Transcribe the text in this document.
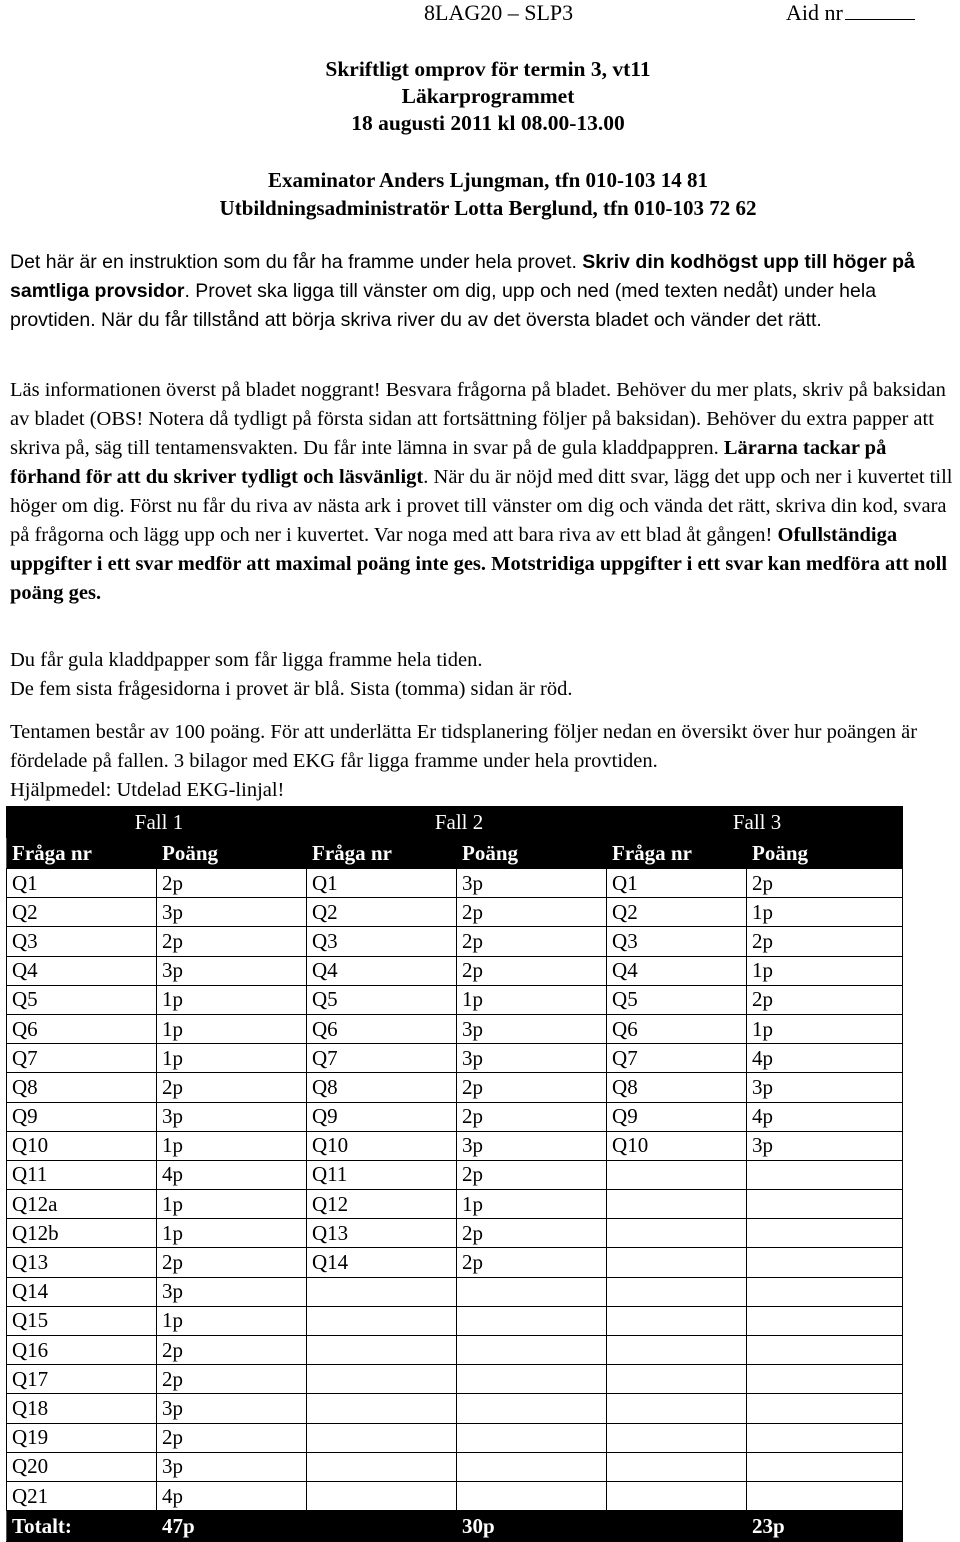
8LAG20 – SLP3	Aid nr
Skriftligt omprov för termin 3, vt11
Läkarprogrammet
18 augusti 2011 kl 08.00-13.00
Examinator Anders Ljungman, tfn 010-103 14 81
Utbildningsadministratör Lotta Berglund, tfn 010-103 72 62
Det här är en instruktion som du får ha framme under hela provet. Skriv din kodhögst upp till höger på samtliga provsidor. Provet ska ligga till vänster om dig, upp och ned (med texten nedåt) under hela provtiden. När du får tillstånd att börja skriva river du av det översta bladet och vänder det rätt.
Läs informationen överst på bladet noggrant! Besvara frågorna på bladet. Behöver du mer plats, skriv på baksidan av bladet (OBS! Notera då tydligt på första sidan att fortsättning följer på baksidan). Behöver du extra papper att skriva på, säg till tentamensvakten. Du får inte lämna in svar på de gula kladdpappren. Lärarna tackar på förhand för att du skriver tydligt och läsvänligt. När du är nöjd med ditt svar, lägg det upp och ner i kuvertet till höger om dig. Först nu får du riva av nästa ark i provet till vänster om dig och vända det rätt, skriva din kod, svara på frågorna och lägg upp och ner i kuvertet. Var noga med att bara riva av ett blad åt gången! Ofullständiga uppgifter i ett svar medför att maximal poäng inte ges. Motstridiga uppgifter i ett svar kan medföra att noll poäng ges.
Du får gula kladdpapper som får ligga framme hela tiden.
De fem sista frågesidorna i provet är blå. Sista (tomma) sidan är röd.
Tentamen består av 100 poäng. För att underlätta Er tidsplanering följer nedan en översikt över hur poängen är fördelade på fallen. 3 bilagor med EKG får ligga framme under hela provtiden.
Hjälpmedel: Utdelad EKG-linjal!
Fall 1		Fall 2		Fall 3	
Fråga nr	Poäng	Fråga nr	Poäng	Fråga nr	Poäng
Q1	2p	Q1	3p	Q1	2p
Q2	3p	Q2	2p	Q2	1p
Q3	2p	Q3	2p	Q3	2p
Q4	3p	Q4	2p	Q4	1p
Q5	1p	Q5	1p	Q5	2p
Q6	1p	Q6	3p	Q6	1p
Q7	1p	Q7	3p	Q7	4p
Q8	2p	Q8	2p	Q8	3p
Q9	3p	Q9	2p	Q9	4p
Q10	1p	Q10	3p	Q10	3p
Q11	4p	Q11	2p		
Q12a	1p	Q12	1p		
Q12b	1p	Q13	2p		
Q13	2p	Q14	2p		
Q14	3p				
Q15	1p				
Q16	2p				
Q17	2p				
Q18	3p				
Q19	2p				
Q20	3p				
Q21	4p				
Totalt:	47p		30p		23p
